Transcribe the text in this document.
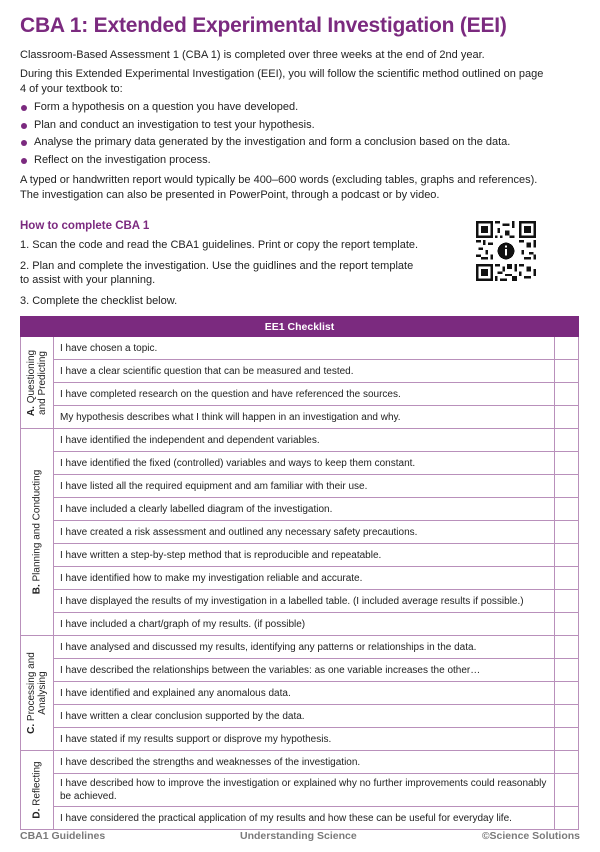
CBA 1: Extended Experimental Investigation (EEI)
Classroom-Based Assessment 1 (CBA 1) is completed over three weeks at the end of 2nd year.
During this Extended Experimental Investigation (EEI), you will follow the scientific method outlined on page
4 of your textbook to:
Form a hypothesis on a question you have developed.
Plan and conduct an investigation to test your hypothesis.
Analyse the primary data generated by the investigation and form a conclusion based on the data.
Reflect on the investigation process.
A typed or handwritten report would typically be 400–600 words (excluding tables, graphs and references).
The investigation can also be presented in PowerPoint, through a podcast or by video.
How to complete CBA 1
1. Scan the code and read the CBA1 guidelines. Print or copy the report template.
2. Plan and complete the investigation. Use the guidlines and the report template
to assist with your planning.
3. Complete the checklist below.
EE1 Checklist		

A. Questioning
and Predicting	I have chosen a topic.	
	I have a clear scientific question that can be measured and tested.	
	I have completed research on the question and have referenced the sources.	
	My hypothesis describes what I think will happen in an investigation and why.	

B. Planning and Conducting	I have identified the independent and dependent variables.	
	I have identified the fixed (controlled) variables and ways to keep them constant.	
	I have listed all the required equipment and am familiar with their use.	
	I have included a clearly labelled diagram of the investigation.	
	I have created a risk assessment and outlined any necessary safety precautions.	
	I have written a step-by-step method that is reproducible and repeatable.	
	I have identified how to make my investigation reliable and accurate.	
	I have displayed the results of my investigation in a labelled table. (I included average results if possible.)	
	I have included a chart/graph of my results. (if possible)	

C. Processing and
Analysing	I have analysed and discussed my results, identifying any patterns or relationships in the data.	
	I have described the relationships between the variables: as one variable increases the other…	
	I have identified and explained any anomalous data.	
	I have written a clear conclusion supported by the data.	
	I have stated if my results support or disprove my hypothesis.	

D. Reflecting	I have described the strengths and weaknesses of the investigation.	
	I have described how to improve the investigation or explained why no further improvements could reasonably be achieved.	
	I have considered the practical application of my results and how these can be useful for everyday life.	
CBA1 Guidelines	Understanding Science	©Science Solutions
